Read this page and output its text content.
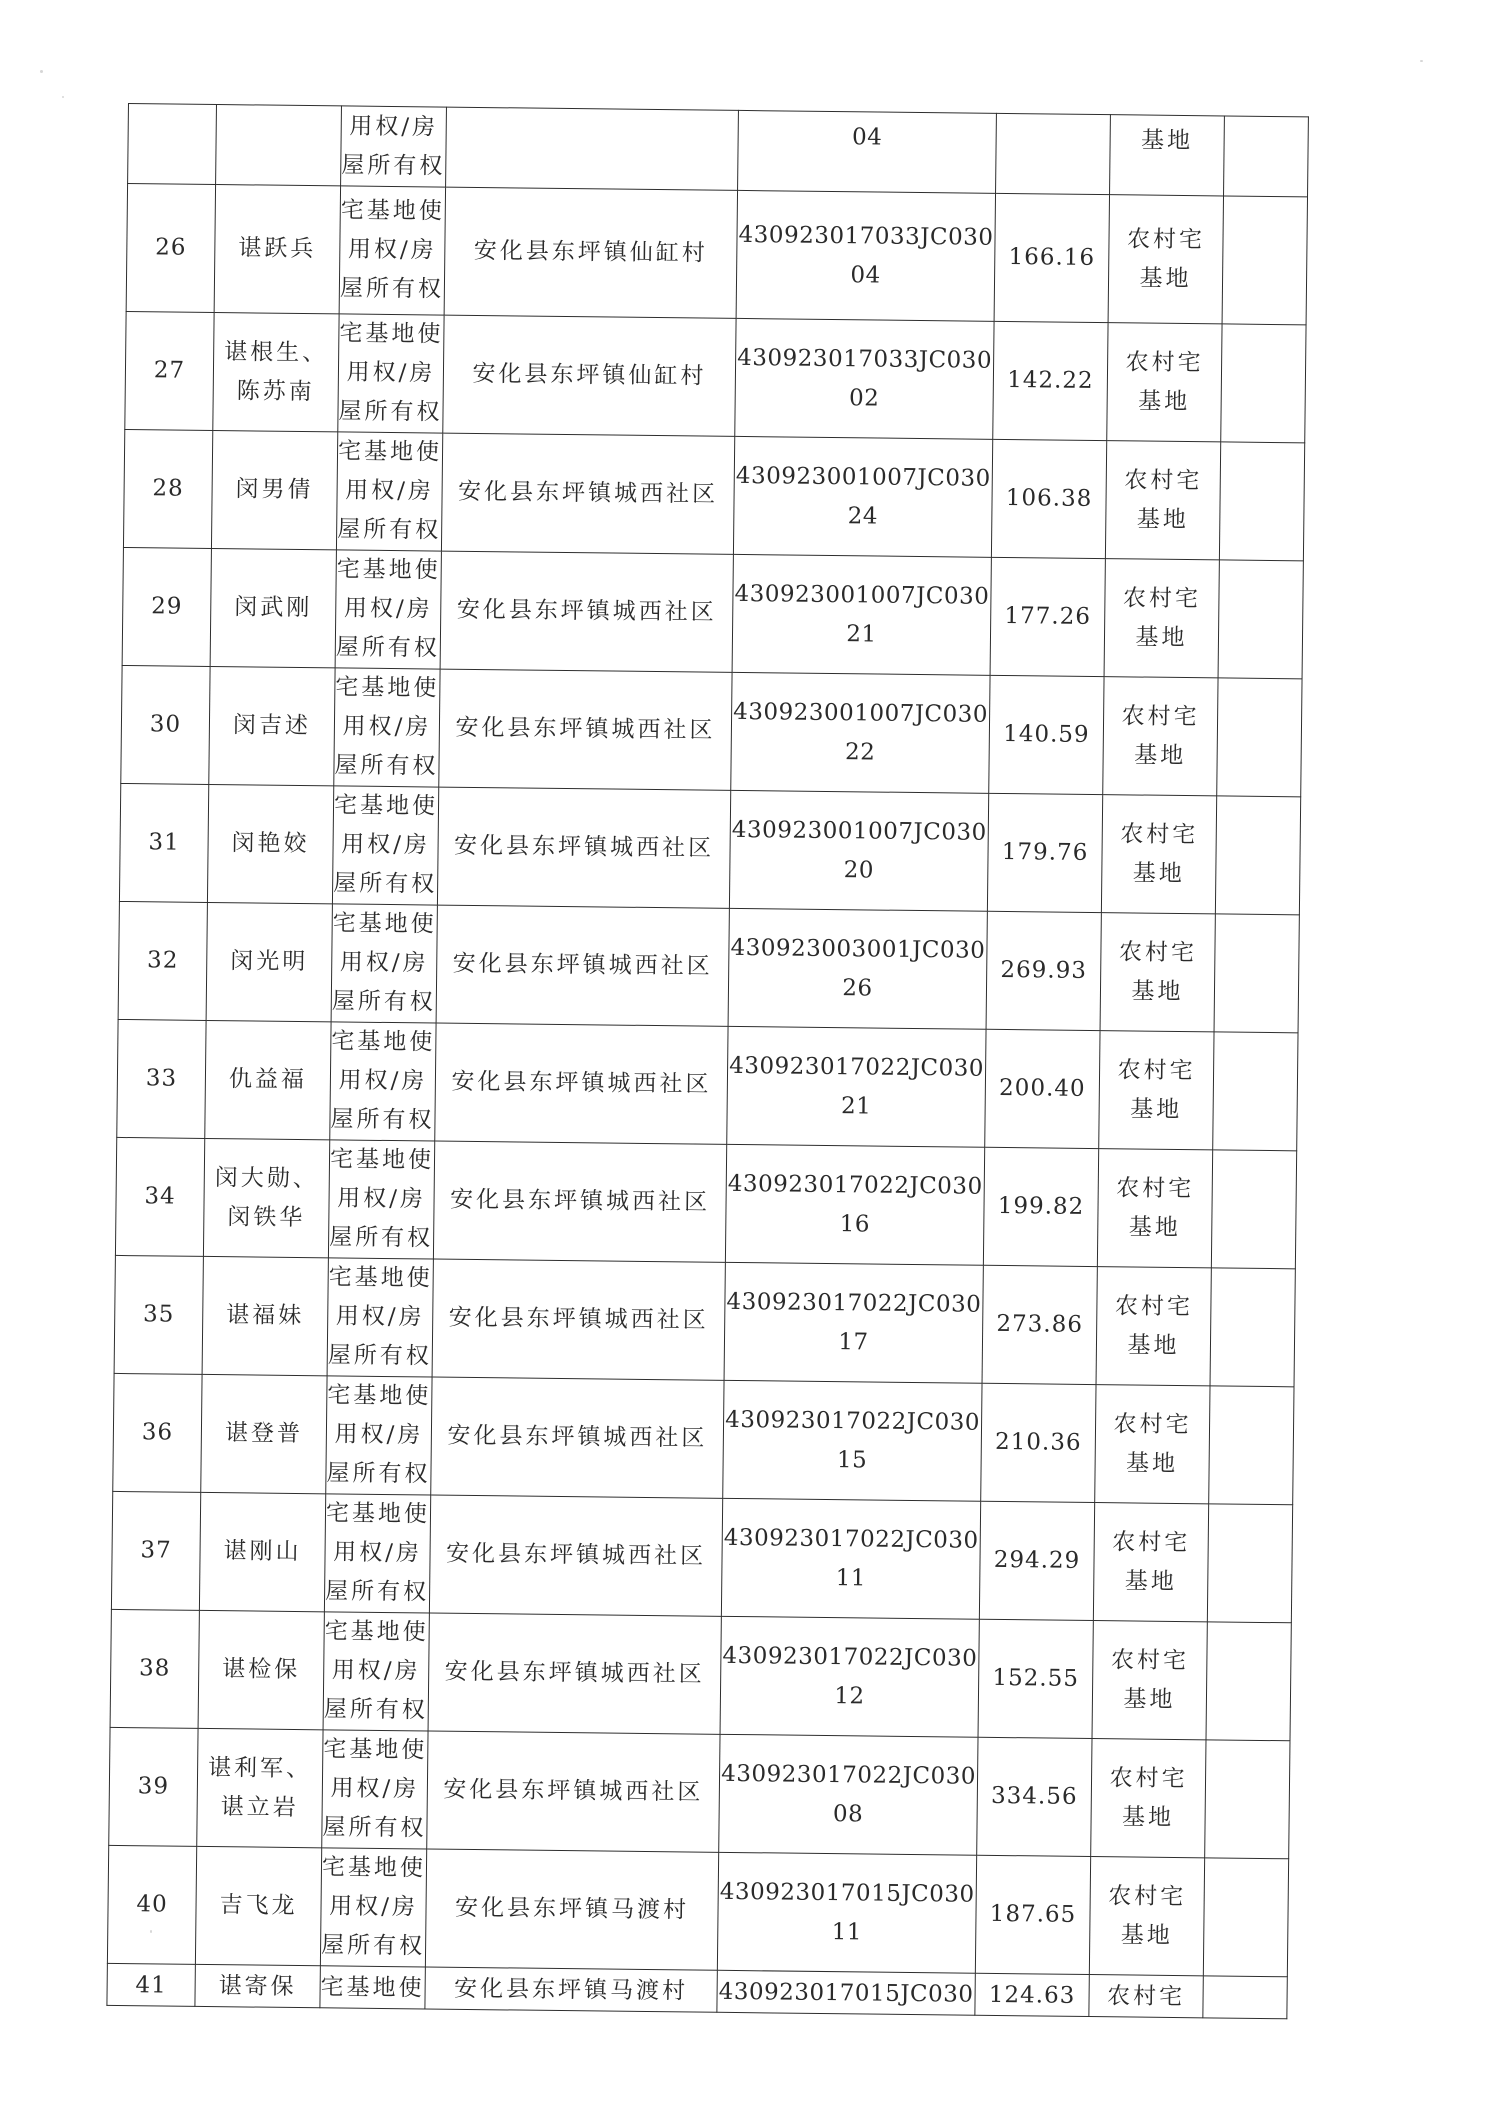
		用权/房
屋所有权		04		基地	

26	谌跃兵	宅基地使
用权/房
屋所有权	安化县东坪镇仙缸村	430923017033JC030
04	166.16	农村宅
基地	

27	谌根生、
陈苏南	宅基地使
用权/房
屋所有权	安化县东坪镇仙缸村	430923017033JC030
02	142.22	农村宅
基地	

28	闵男倩	宅基地使
用权/房
屋所有权	安化县东坪镇城西社区	430923001007JC030
24	106.38	农村宅
基地	

29	闵武刚	宅基地使
用权/房
屋所有权	安化县东坪镇城西社区	430923001007JC030
21	177.26	农村宅
基地	

30	闵吉述	宅基地使
用权/房
屋所有权	安化县东坪镇城西社区	430923001007JC030
22	140.59	农村宅
基地	

31	闵艳姣	宅基地使
用权/房
屋所有权	安化县东坪镇城西社区	430923001007JC030
20	179.76	农村宅
基地	

32	闵光明	宅基地使
用权/房
屋所有权	安化县东坪镇城西社区	430923003001JC030
26	269.93	农村宅
基地	

33	仇益福	宅基地使
用权/房
屋所有权	安化县东坪镇城西社区	430923017022JC030
21	200.40	农村宅
基地	

34	闵大勋、
闵铁华	宅基地使
用权/房
屋所有权	安化县东坪镇城西社区	430923017022JC030
16	199.82	农村宅
基地	

35	谌福妹	宅基地使
用权/房
屋所有权	安化县东坪镇城西社区	430923017022JC030
17	273.86	农村宅
基地	

36	谌登普	宅基地使
用权/房
屋所有权	安化县东坪镇城西社区	430923017022JC030
15	210.36	农村宅
基地	

37	谌刚山	宅基地使
用权/房
屋所有权	安化县东坪镇城西社区	430923017022JC030
11	294.29	农村宅
基地	

38	谌检保	宅基地使
用权/房
屋所有权	安化县东坪镇城西社区	430923017022JC030
12	152.55	农村宅
基地	

39	谌利军、
谌立岩	宅基地使
用权/房
屋所有权	安化县东坪镇城西社区	430923017022JC030
08	334.56	农村宅
基地	

40	吉飞龙	宅基地使
用权/房
屋所有权	安化县东坪镇马渡村	430923017015JC030
11	187.65	农村宅
基地	

41	谌寄保	宅基地使	安化县东坪镇马渡村	430923017015JC030	124.63	农村宅	
